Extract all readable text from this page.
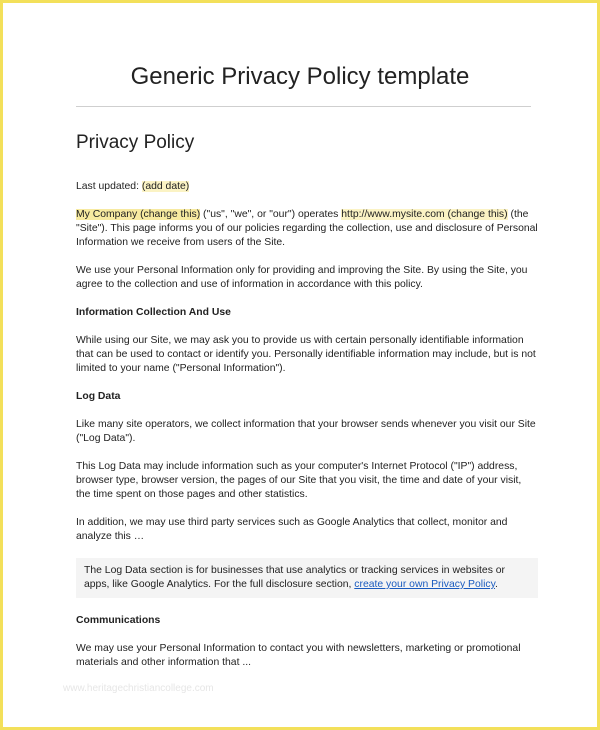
Generic Privacy Policy template
Privacy Policy

Last updated: (add date)

My Company (change this) ("us", "we", or "our") operates http://www.mysite.com (change this) (the "Site"). This page informs you of our policies regarding the collection, use and disclosure of Personal Information we receive from users of the Site.

We use your Personal Information only for providing and improving the Site. By using the Site, you agree to the collection and use of information in accordance with this policy.

Information Collection And Use

While using our Site, we may ask you to provide us with certain personally identifiable information that can be used to contact or identify you. Personally identifiable information may include, but is not limited to your name ("Personal Information").

Log Data

Like many site operators, we collect information that your browser sends whenever you visit our Site ("Log Data").

This Log Data may include information such as your computer's Internet Protocol ("IP") address, browser type, browser version, the pages of our Site that you visit, the time and date of your visit, the time spent on those pages and other statistics.

In addition, we may use third party services such as Google Analytics that collect, monitor and analyze this …

The Log Data section is for businesses that use analytics or tracking services in websites or apps, like Google Analytics. For the full disclosure section, create your own Privacy Policy.
Communications

We may use your Personal Information to contact you with newsletters, marketing or promotional materials and other information that ...

www.heritagechristiancollege.com
